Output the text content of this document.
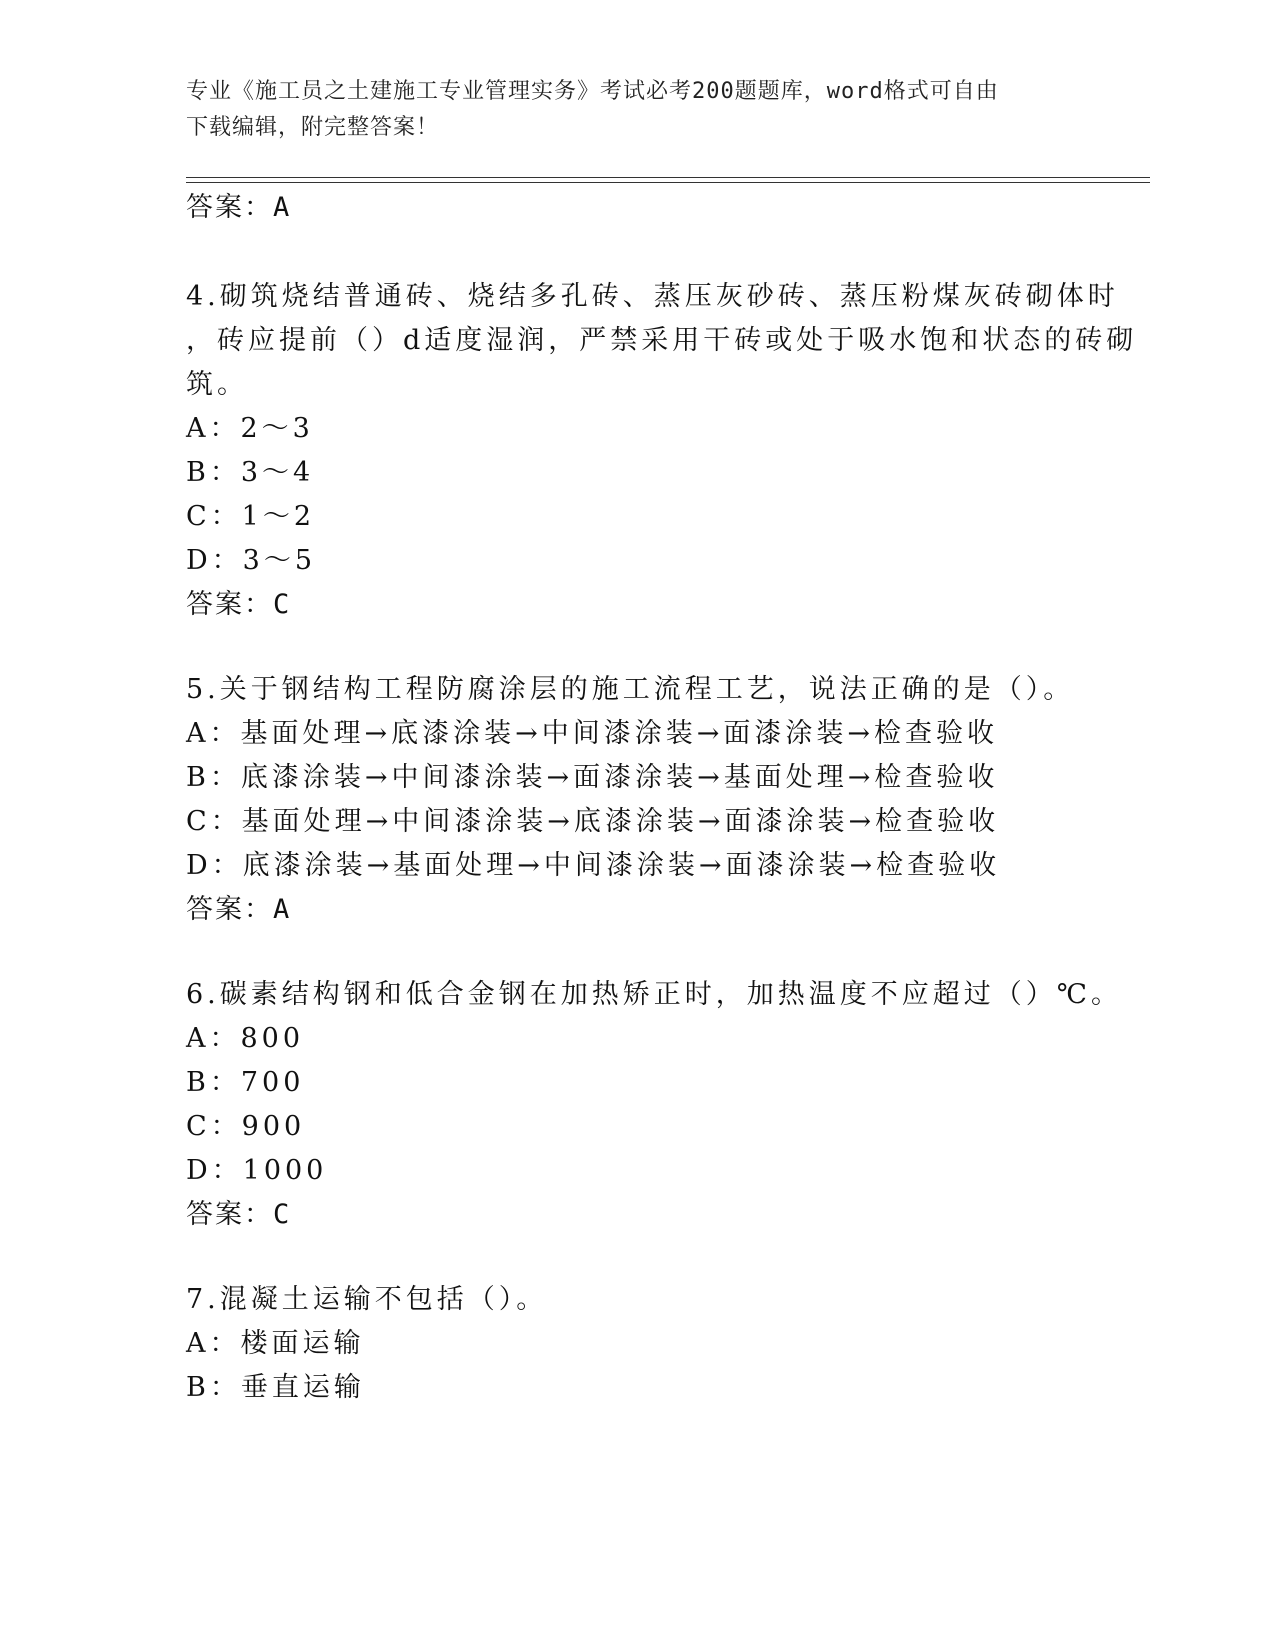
专业《施工员之土建施工专业管理实务》考试必考200题题库，word格式可自由
下载编辑，附完整答案！
答案：A
4.砌筑烧结普通砖、烧结多孔砖、蒸压灰砂砖、蒸压粉煤灰砖砌体时
，砖应提前（）d适度湿润，严禁采用干砖或处于吸水饱和状态的砖砌
筑。
A：2～3
B：3～4
C：1～2
D：3～5
答案：C
5.关于钢结构工程防腐涂层的施工流程工艺，说法正确的是（）。
A：基面处理→底漆涂装→中间漆涂装→面漆涂装→检查验收
B：底漆涂装→中间漆涂装→面漆涂装→基面处理→检查验收
C：基面处理→中间漆涂装→底漆涂装→面漆涂装→检查验收
D：底漆涂装→基面处理→中间漆涂装→面漆涂装→检查验收
答案：A
6.碳素结构钢和低合金钢在加热矫正时，加热温度不应超过（）℃。
A：800
B：700
C：900
D：1000
答案：C
7.混凝土运输不包括（）。
A：楼面运输
B：垂直运输
